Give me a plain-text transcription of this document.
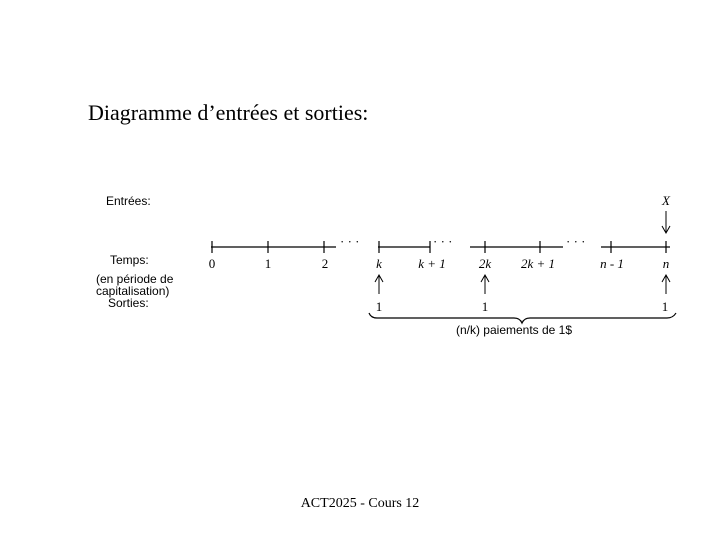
Diagramme d’entrées et sorties:
Entrées:
Temps:
(en période de
capitalisation)
Sorties:
· · ·	· · ·	· · ·
0	1	2	k	k + 1	2k 2k + 1	n - 1	n
X
1	1	1
(n/k) paiements de 1$
ACT2025 - Cours 12
